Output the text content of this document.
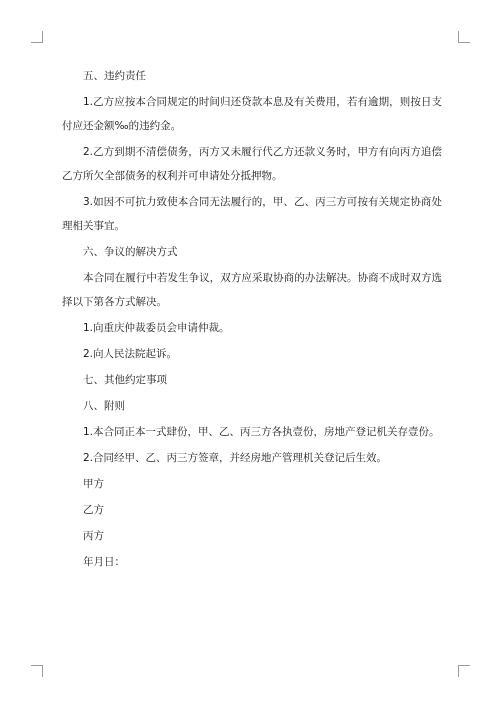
五、违约责任

1.乙方应按本合同规定的时间归还贷款本息及有关费用，若有逾期，则按日支付应还金额‰的违约金。

2.乙方到期不清偿债务，丙方又未履行代乙方还款义务时，甲方有向丙方追偿乙方所欠全部债务的权利并可申请处分抵押物。

3.如因不可抗力致使本合同无法履行的，甲、乙、丙三方可按有关规定协商处理相关事宜。

六、争议的解决方式

本合同在履行中若发生争议，双方应采取协商的办法解决。协商不成时双方选择以下第各方式解决。

1.向重庆仲裁委员会申请仲裁。

2.向人民法院起诉。

七、其他约定事项

八、附则

1.本合同正本一式肆份，甲、乙、丙三方各执壹份，房地产登记机关存壹份。

2.合同经甲、乙、丙三方签章，并经房地产管理机关登记后生效。

甲方

乙方

丙方

年月日：
